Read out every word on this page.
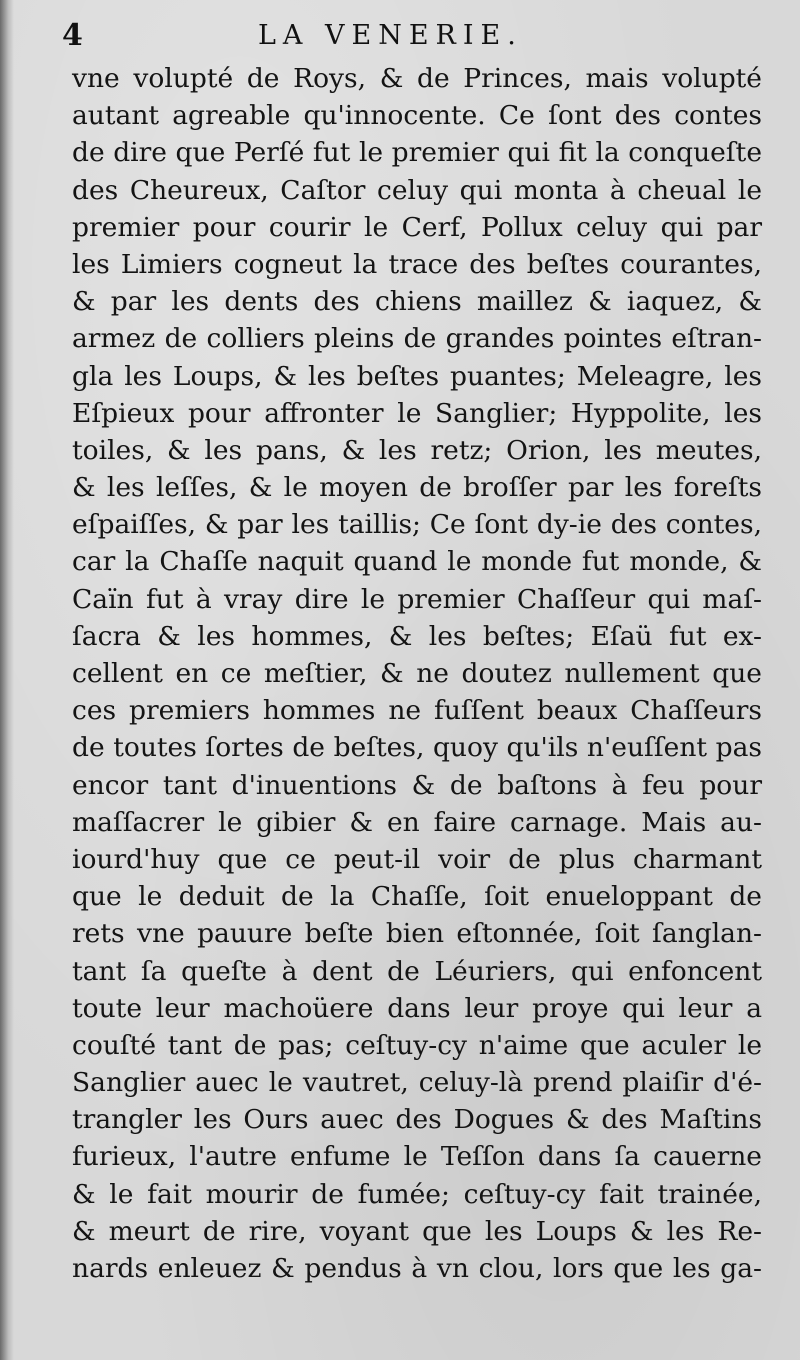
4	LA VENERIE.
vne volupté de Roys, & de Princes, mais volupté
autant agreable qu'innocente. Ce ſont des contes
de dire que Perſé fut le premier qui fit la conqueſte
des Cheureux, Caſtor celuy qui monta à cheual le
premier pour courir le Cerf, Pollux celuy qui par
les Limiers cogneut la trace des beſtes courantes,
& par les dents des chiens maillez & iaquez, &
armez de colliers pleins de grandes pointes eſtran-
gla les Loups, & les beſtes puantes; Meleagre, les
Eſpieux pour affronter le Sanglier; Hyppolite, les
toiles, & les pans, & les retz; Orion, les meutes,
& les leſſes, & le moyen de broſſer par les foreſts
eſpaiſſes, & par les taillis; Ce ſont dy-ie des contes,
car la Chaſſe naquit quand le monde fut monde, &
Caïn fut à vray dire le premier Chaſſeur qui maſ-
ſacra & les hommes, & les beſtes; Eſaü fut ex-
cellent en ce meſtier, & ne doutez nullement que
ces premiers hommes ne fuſſent beaux Chaſſeurs
de toutes ſortes de beſtes, quoy qu'ils n'euſſent pas
encor tant d'inuentions & de baſtons à feu pour
maſſacrer le gibier & en faire carnage. Mais au-
iourd'huy que ce peut-il voir de plus charmant
que le deduit de la Chaſſe, ſoit enueloppant de
rets vne pauure beſte bien eſtonnée, ſoit ſanglan-
tant ſa queſte à dent de Léuriers, qui enfoncent
toute leur machoüere dans leur proye qui leur a
couſté tant de pas; ceſtuy-cy n'aime que aculer le
Sanglier auec le vautret, celuy-là prend plaiſir d'é-
trangler les Ours auec des Dogues & des Maſtins
furieux, l'autre enfume le Teſſon dans ſa cauerne
& le fait mourir de fumée; ceſtuy-cy fait trainée,
& meurt de rire, voyant que les Loups & les Re-
nards enleuez & pendus à vn clou, lors que les ga-
